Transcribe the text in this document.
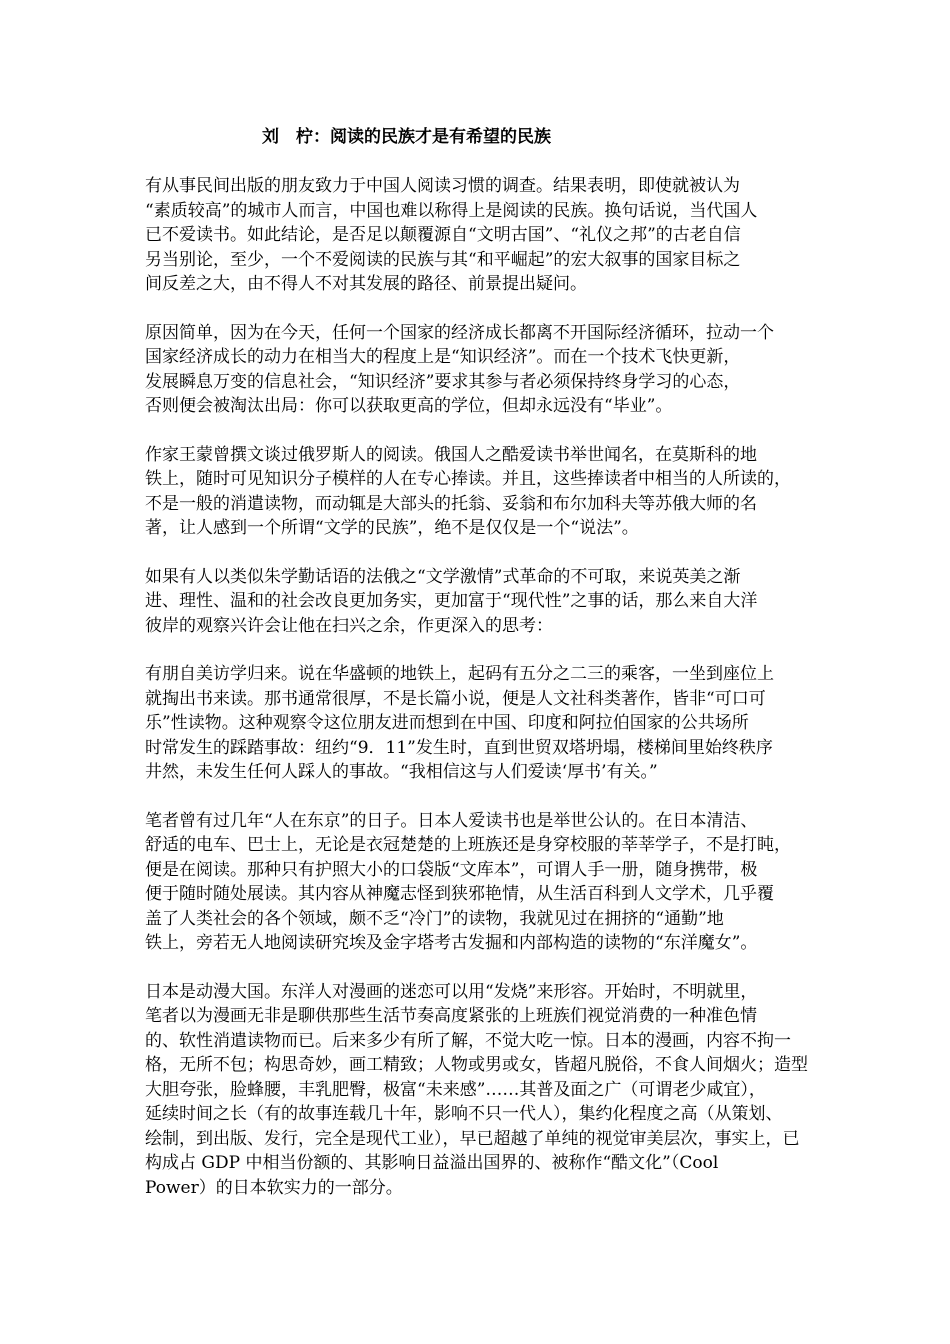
刘　柠：阅读的民族才是有希望的民族
有从事民间出版的朋友致力于中国人阅读习惯的调查。结果表明，即使就被认为
“素质较高”的城市人而言，中国也难以称得上是阅读的民族。换句话说，当代国人
已不爱读书。如此结论，是否足以颠覆源自“文明古国”、“礼仪之邦”的古老自信
另当别论，至少，一个不爱阅读的民族与其“和平崛起”的宏大叙事的国家目标之
间反差之大，由不得人不对其发展的路径、前景提出疑问。
原因简单，因为在今天，任何一个国家的经济成长都离不开国际经济循环，拉动一个
国家经济成长的动力在相当大的程度上是“知识经济”。而在一个技术飞快更新，
发展瞬息万变的信息社会，“知识经济”要求其参与者必须保持终身学习的心态，
否则便会被淘汰出局：你可以获取更高的学位，但却永远没有“毕业”。
作家王蒙曾撰文谈过俄罗斯人的阅读。俄国人之酷爱读书举世闻名，在莫斯科的地
铁上，随时可见知识分子模样的人在专心捧读。并且，这些捧读者中相当的人所读的，
不是一般的消遣读物，而动辄是大部头的托翁、妥翁和布尔加科夫等苏俄大师的名
著，让人感到一个所谓“文学的民族”，绝不是仅仅是一个“说法”。
如果有人以类似朱学勤话语的法俄之“文学激情”式革命的不可取，来说英美之渐
进、理性、温和的社会改良更加务实，更加富于“现代性”之事的话，那么来自大洋
彼岸的观察兴许会让他在扫兴之余，作更深入的思考：
有朋自美访学归来。说在华盛顿的地铁上，起码有五分之二三的乘客，一坐到座位上
就掏出书来读。那书通常很厚，不是长篇小说，便是人文社科类著作，皆非“可口可
乐”性读物。这种观察令这位朋友进而想到在中国、印度和阿拉伯国家的公共场所
时常发生的踩踏事故：纽约“9．11”发生时，直到世贸双塔坍塌，楼梯间里始终秩序
井然，未发生任何人踩人的事故。“我相信这与人们爱读‘厚书’有关。”
笔者曾有过几年“人在东京”的日子。日本人爱读书也是举世公认的。在日本清洁、
舒适的电车、巴士上，无论是衣冠楚楚的上班族还是身穿校服的莘莘学子，不是打盹，
便是在阅读。那种只有护照大小的口袋版“文库本”，可谓人手一册，随身携带，极
便于随时随处展读。其内容从神魔志怪到狭邪艳情，从生活百科到人文学术，几乎覆
盖了人类社会的各个领域，颇不乏“冷门”的读物，我就见过在拥挤的“通勤”地
铁上，旁若无人地阅读研究埃及金字塔考古发掘和内部构造的读物的“东洋魔女”。
日本是动漫大国。东洋人对漫画的迷恋可以用“发烧”来形容。开始时，不明就里，
笔者以为漫画无非是聊供那些生活节奏高度紧张的上班族们视觉消费的一种准色情
的、软性消遣读物而已。后来多少有所了解，不觉大吃一惊。日本的漫画，内容不拘一
格，无所不包；构思奇妙，画工精致；人物或男或女，皆超凡脱俗，不食人间烟火；造型
大胆夸张，脸蜂腰，丰乳肥臀，极富“未来感”……其普及面之广（可谓老少咸宜），
延续时间之长（有的故事连载几十年，影响不只一代人），集约化程度之高（从策划、
绘制，到出版、发行，完全是现代工业），早已超越了单纯的视觉审美层次，事实上，已
构成占 GDP 中相当份额的、其影响日益溢出国界的、被称作“酷文化”（Cool
Power）的日本软实力的一部分。
